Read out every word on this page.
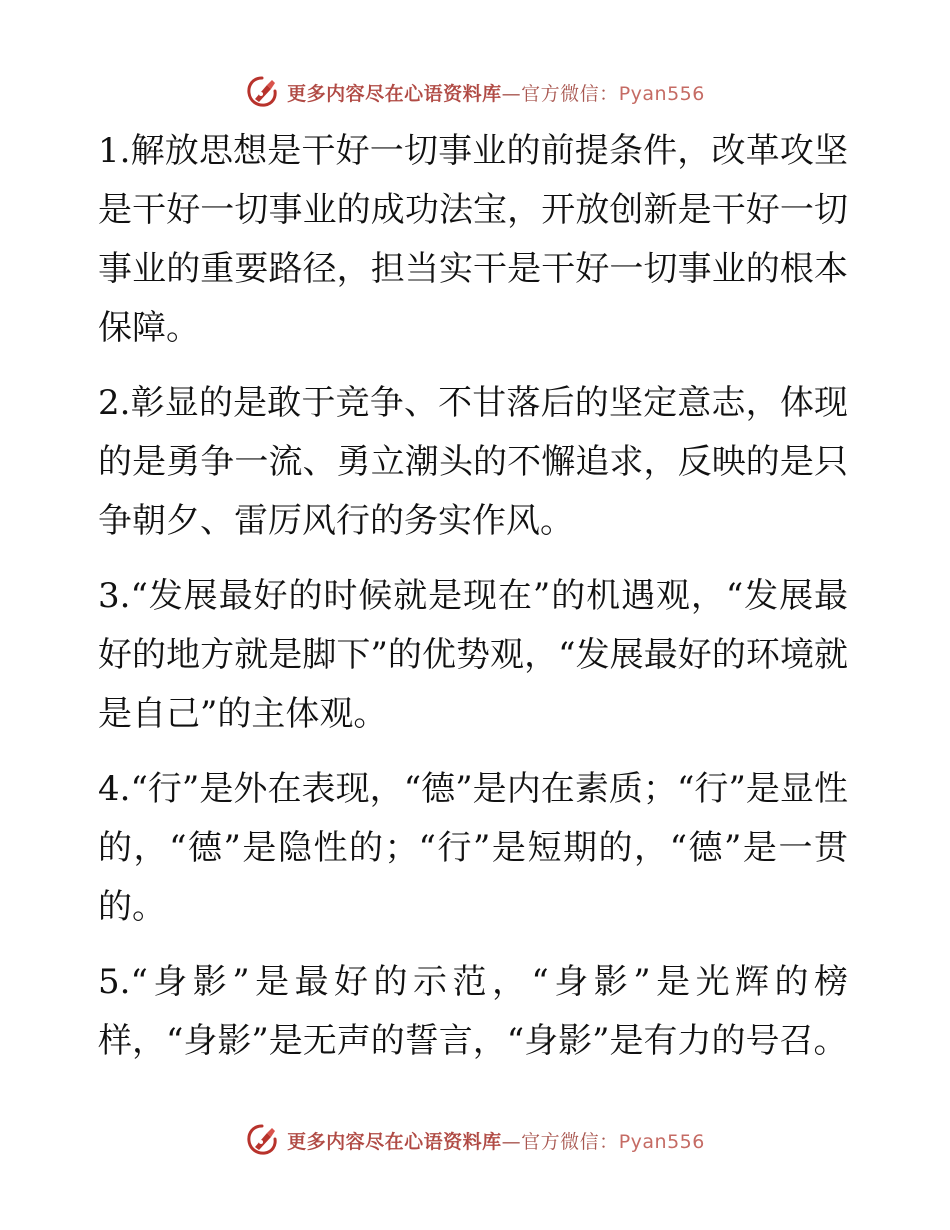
更多内容尽在心语资料库—官方微信：Pyan556

1.解放思想是干好一切事业的前提条件，改革攻坚是干好一切事业的成功法宝，开放创新是干好一切事业的重要路径，担当实干是干好一切事业的根本保障。

2.彰显的是敢于竞争、不甘落后的坚定意志，体现的是勇争一流、勇立潮头的不懈追求，反映的是只争朝夕、雷厉风行的务实作风。

3.“发展最好的时候就是现在”的机遇观，“发展最好的地方就是脚下”的优势观，“发展最好的环境就是自己”的主体观。

4.“行”是外在表现，“德”是内在素质；“行”是显性的，“德”是隐性的；“行”是短期的，“德”是一贯的。

5.“身影”是最好的示范，“身影”是光辉的榜样，“身影”是无声的誓言，“身影”是有力的号召。

更多内容尽在心语资料库—官方微信：Pyan556
